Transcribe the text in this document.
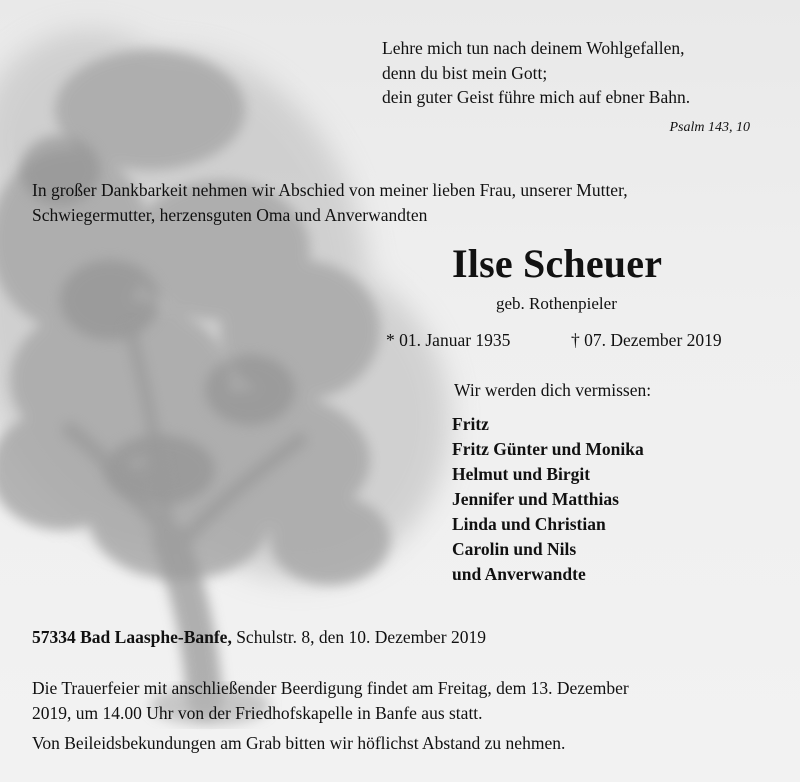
Lehre mich tun nach deinem Wohlgefallen,
denn du bist mein Gott;
dein guter Geist führe mich auf ebner Bahn.
Psalm 143, 10
In großer Dankbarkeit nehmen wir Abschied von meiner lieben Frau, unserer Mutter,
Schwiegermutter, herzensguten Oma und Anverwandten
Ilse Scheuer
geb. Rothenpieler
* 01. Januar 1935	† 07. Dezember 2019
Wir werden dich vermissen:
Fritz
Fritz Günter und Monika
Helmut und Birgit
Jennifer und Matthias
Linda und Christian
Carolin und Nils
und Anverwandte
57334 Bad Laasphe-Banfe, Schulstr. 8, den 10. Dezember 2019
Die Trauerfeier mit anschließender Beerdigung findet am Freitag, dem 13. Dezember
2019, um 14.00 Uhr von der Friedhofskapelle in Banfe aus statt.
Von Beileidsbekundungen am Grab bitten wir höflichst Abstand zu nehmen.
